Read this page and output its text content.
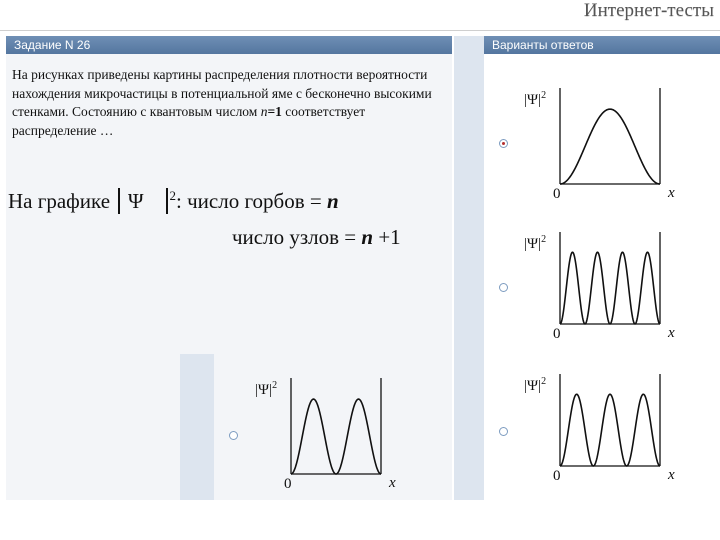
Интернет-тесты
Задание N 26
На рисунках приведены картины распределения плотности вероятности нахождения микрочастицы в потенциальной яме с бесконечно высокими стенками. Состоянию с квантовым числом n=1 соответствует распределение …
На графике Ψ $^2$: число горбов = n
число узлов = n +1
Варианты ответов
$|\Psi|^2$
0	x
$|\Psi|^2$
0	x
$|\Psi|^2$
0	x
$|\Psi|^2$
0	x
